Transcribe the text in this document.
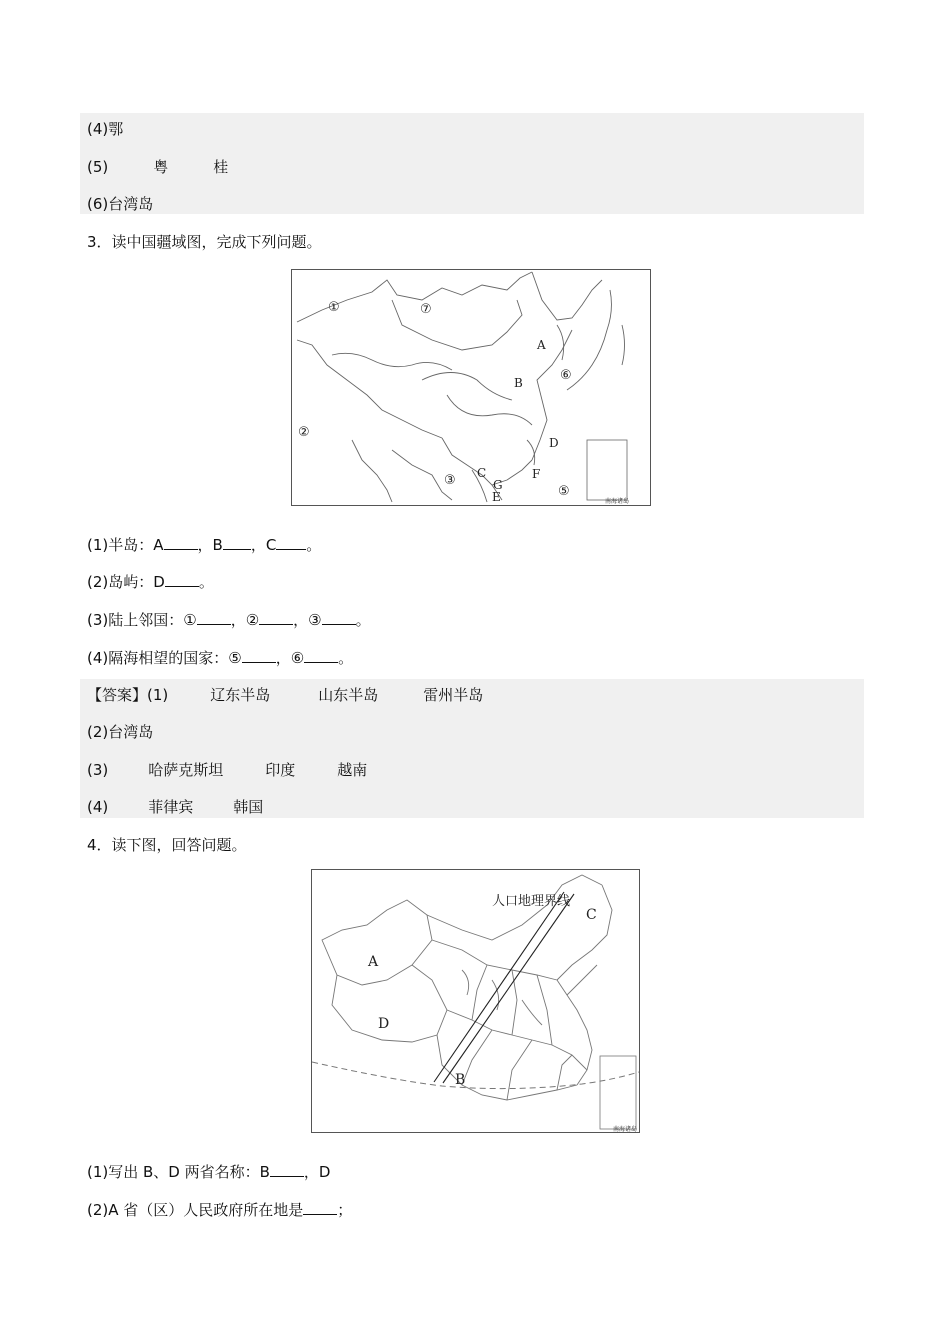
(4)鄂
(5)	粤	桂
(6)台湾岛
3．读中国疆域图，完成下列问题。
①
②
③
⑤
⑥
⑦
A
B
C
D
E
F
G
南海诸岛
(1)半岛：A ，B ，C 。
(2)岛屿：D 。
(3)陆上邻国：① ，② ，③ 。
(4)隔海相望的国家：⑤ ，⑥ 。
【答案】(1)	辽东半岛	山东半岛	雷州半岛
(2)台湾岛
(3)	哈萨克斯坦	印度	越南
(4)	菲律宾	韩国
4．读下图，回答问题。
人口地理界线
A
B
C
D
南海诸岛
(1)写出 B、D 两省名称：B ，D
(2)A 省（区）人民政府所在地是 ；
